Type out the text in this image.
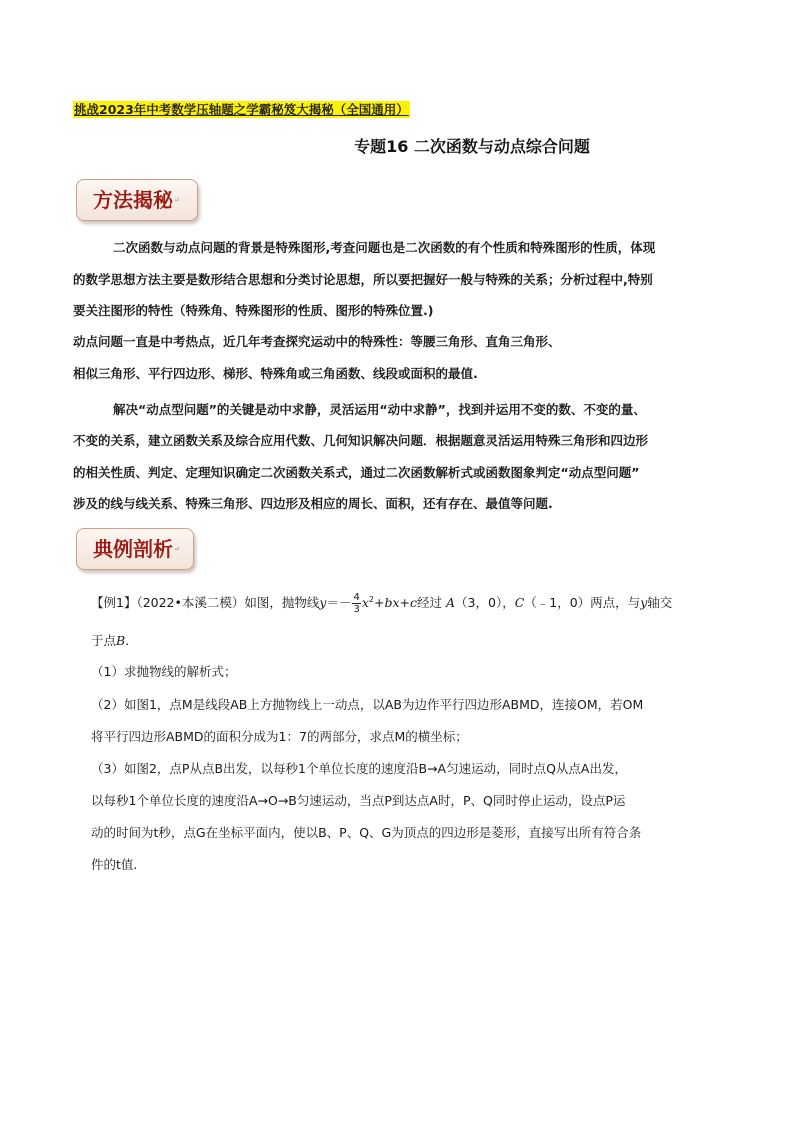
挑战2023年中考数学压轴题之学霸秘笈大揭秘（全国通用）
专题16 二次函数与动点综合问题
方法揭秘↵
二次函数与动点问题的背景是特殊图形,考查问题也是二次函数的有个性质和特殊图形的性质，体现
的数学思想方法主要是数形结合思想和分类讨论思想，所以要把握好一般与特殊的关系；分析过程中,特别
要关注图形的特性（特殊角、特殊图形的性质、图形的特殊位置.)
动点问题一直是中考热点，近几年考查探究运动中的特殊性：等腰三角形、直角三角形、
相似三角形、平行四边形、梯形、特殊角或三角函数、线段或面积的最值.
解决“动点型问题”的关键是动中求静，灵活运用“动中求静”，找到并运用不变的数、不变的量、
不变的关系，建立函数关系及综合应用代数、几何知识解决问题．根据题意灵活运用特殊三角形和四边形
的相关性质、判定、定理知识确定二次函数关系式，通过二次函数解析式或函数图象判定“动点型问题”
涉及的线与线关系、特殊三角形、四边形及相应的周长、面积，还有存在、最值等问题.
典例剖析↵
【例1】（2022•本溪二模）如图，抛物线$y=- \frac{4}{3} x^2+bx+c$经过 A（3，0），C（﹣1，0）两点，与y轴交
于点B.
（1）求抛物线的解析式；
（2）如图1，点M是线段AB上方抛物线上一动点，以AB为边作平行四边形ABMD，连接OM，若OM
将平行四边形ABMD的面积分成为1：7的两部分，求点M的横坐标；
（3）如图2，点P从点B出发，以每秒1个单位长度的速度沿B→A匀速运动，同时点Q从点A出发，
以每秒1个单位长度的速度沿A→O→B匀速运动，当点P到达点A时，P、Q同时停止运动，设点P运
动的时间为t秒，点G在坐标平面内，使以B、P、Q、G为顶点的四边形是菱形，直接写出所有符合条
件的t值.
